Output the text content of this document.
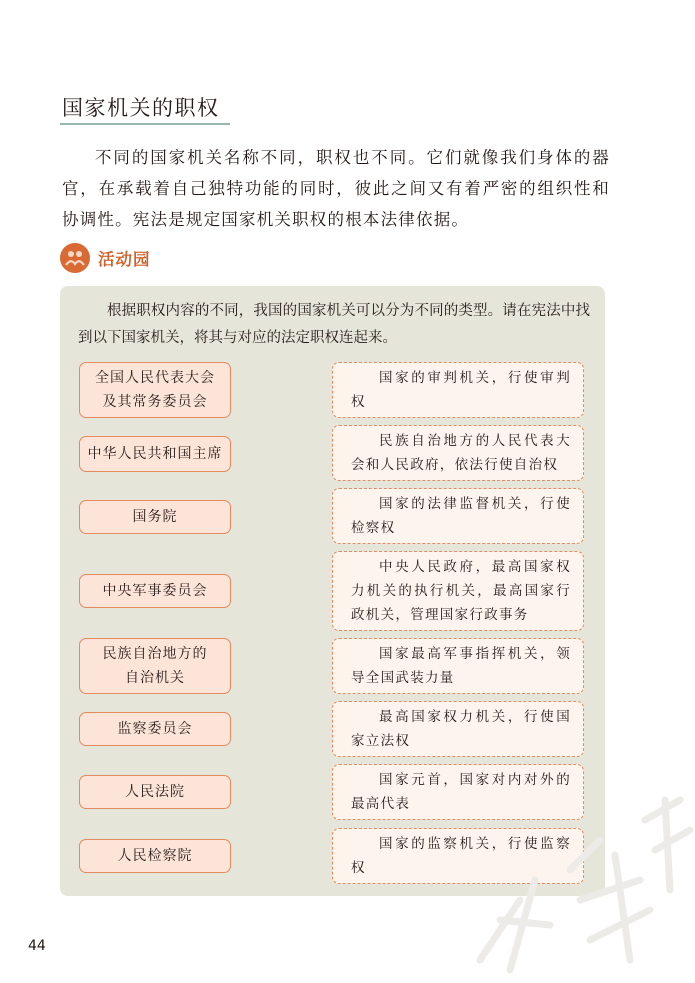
国家机关的职权

不同的国家机关名称不同，职权也不同。它们就像我们身体的器官，在承载着自己独特功能的同时，彼此之间又有着严密的组织性和协调性。宪法是规定国家机关职权的根本法律依据。

活动园

根据职权内容的不同，我国的国家机关可以分为不同的类型。请在宪法中找到以下国家机关，将其与对应的法定职权连起来。

全国人民代表大会
及其常务委员会
中华人民共和国主席
国务院
中央军事委员会
民族自治地方的
自治机关
监察委员会
人民法院
人民检察院
国家的审判机关，行使审判权
民族自治地方的人民代表大会和人民政府，依法行使自治权
国家的法律监督机关，行使检察权
中央人民政府，最高国家权力机关的执行机关，最高国家行政机关，管理国家行政事务
国家最高军事指挥机关，领导全国武装力量
最高国家权力机关，行使国家立法权
国家元首，国家对内对外的最高代表
国家的监察机关，行使监察权
44
